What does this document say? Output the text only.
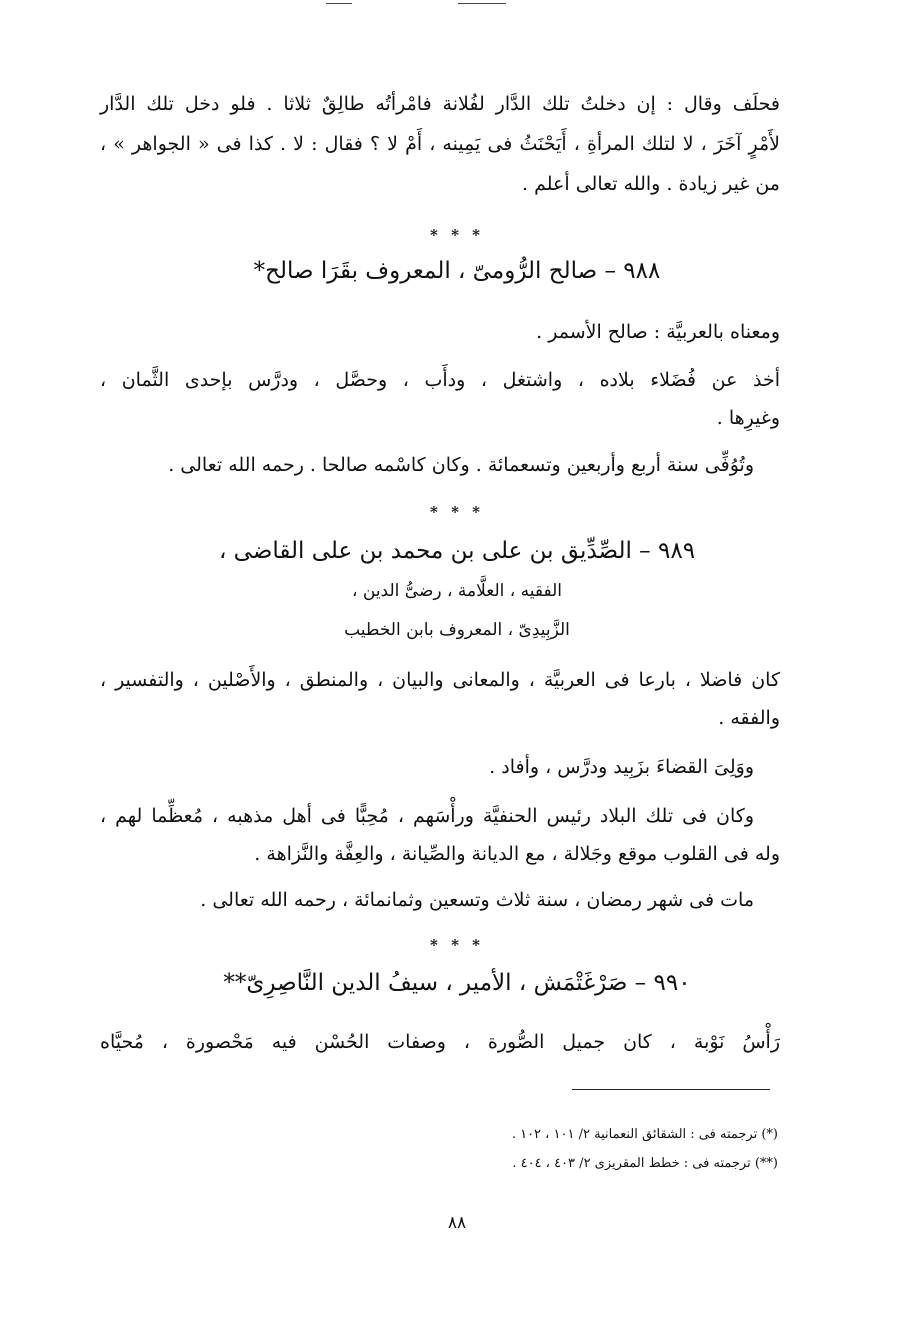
فحلَف وقال : إن دخلتُ تلك الدَّار لفُلانة فامْرأتُه طالِقٌ ثلاثا . فلو دخل تلك الدَّار
لأَمْرٍ آخَرَ ، لا لتلك المرأةِ ، أَيَحْنَثُ فى يَمِينه ، أَمْ لا ؟ فقال : لا . كذا فى « الجواهر » ،
من غير زيادة . والله تعالى أعلم .
* * *
٩٨٨ – صالح الرُّومىّ ، المعروف بقَرَا صالح*
ومعناه بالعربيَّة : صالح الأسمر .
أخذ عن فُضَلاء بلاده ، واشتغل ، ودأَب ، وحصَّل ، ودرَّس بإحدى الثَّمان ،
وغيرِها .
وتُوُفِّى سنة أربع وأربعين وتسعمائة . وكان كاسْمه صالحا . رحمه الله تعالى .
* * *
٩٨٩ – الصِّدِّيق بن على بن محمد بن على القاضى ،
الفقيه ، العلَّامة ، رضىُّ الدين ،
الزَّبِيدِىّ ، المعروف بابن الخطيب
كان فاضلا ، بارعا فى العربيَّة ، والمعانى والبيان ، والمنطق ، والأَصْلين ، والتفسير ،
والفقه .
ووَلِىَ القضاءَ بزَبِيد ودرَّس ، وأفاد .
وكان فى تلك البلاد رئيس الحنفيَّة ورأْسَهم ، مُحِبًّا فى أهل مذهبه ، مُعظِّما لهم ،
وله فى القلوب موقع وجَلالة ، مع الديانة والصِّيانة ، والعِفَّة والنَّزاهة .
مات فى شهر رمضان ، سنة ثلاث وتسعين وثمانمائة ، رحمه الله تعالى .
* * *
٩٩٠ – صَرْغَتْمَش ، الأمير ، سيفُ الدين النَّاصِرِىّ**
رَأْسُ نَوْبة ، كان جميل الصُّورة ، وصفات الحُسْن فيه مَحْصورة ، مُحيَّاه
(*) ترجمته فى : الشقائق النعمانية ٢/ ١٠١ ، ١٠٢ .
(**) ترجمته فى : خطط المقريزى ٢/ ٤٠٣ ، ٤٠٤ .
٨٨
